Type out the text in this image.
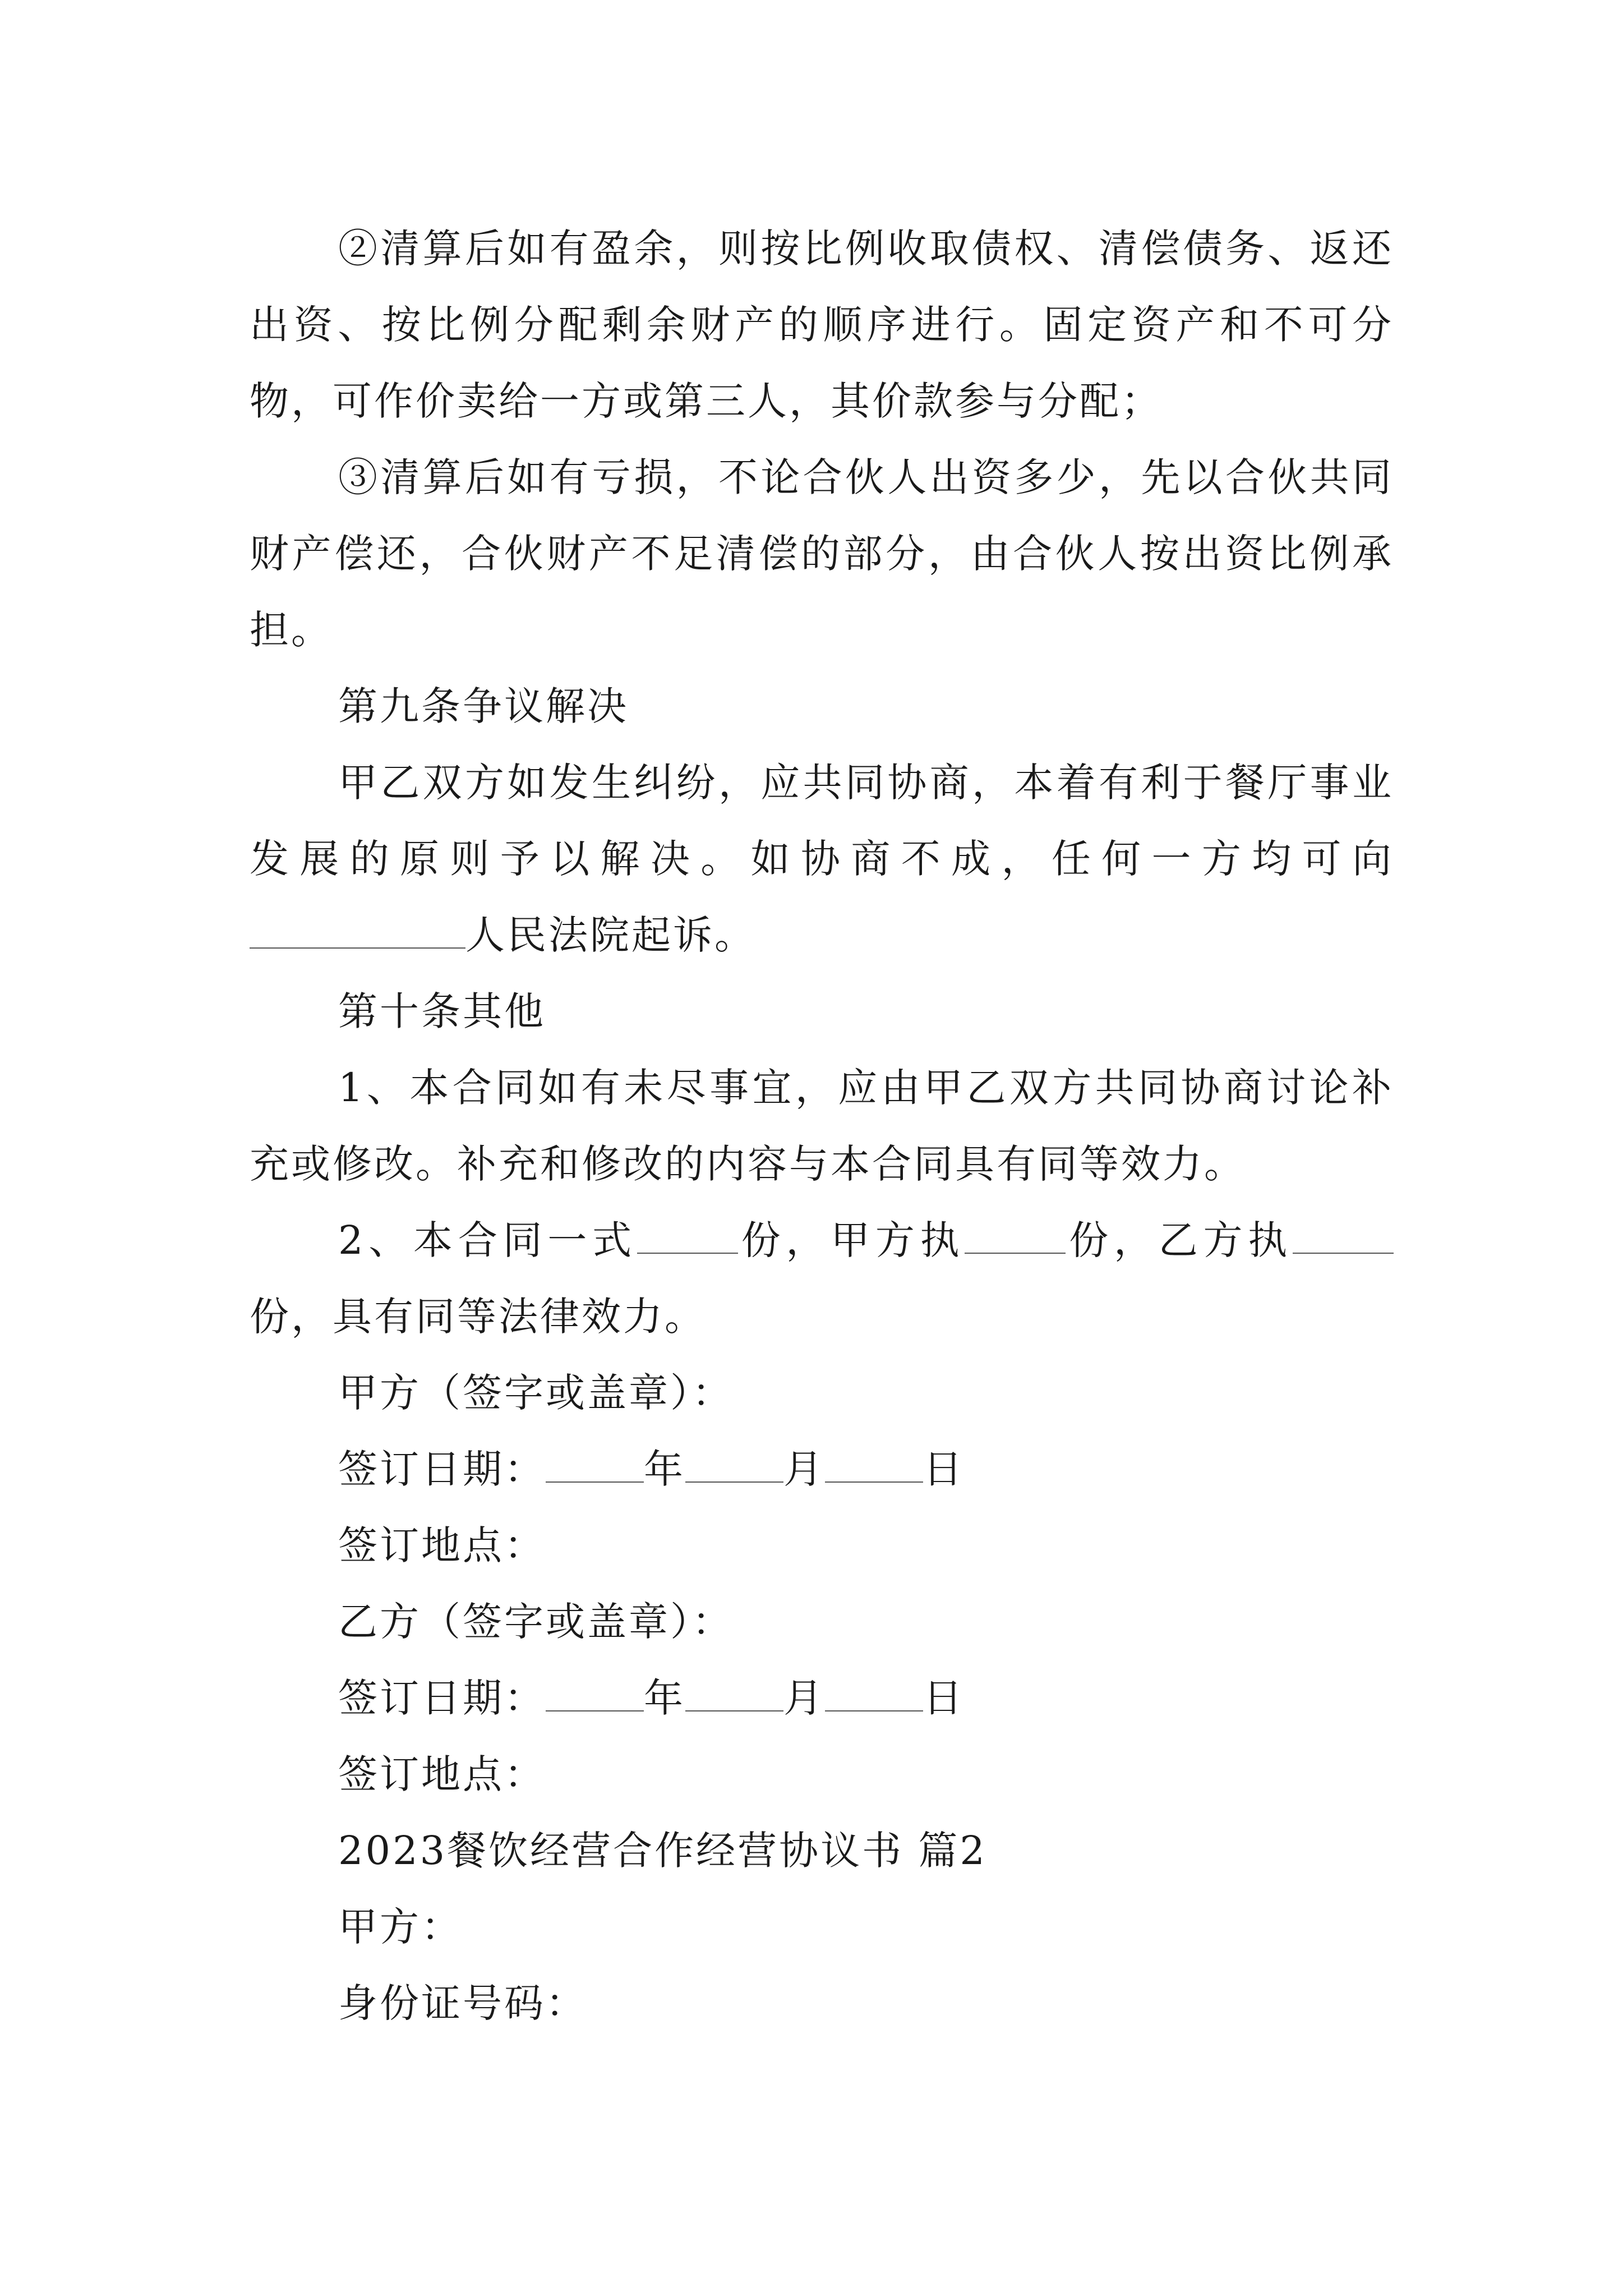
②清算后如有盈余，则按比例收取债权、清偿债务、返还出资、按比例分配剩余财产的顺序进行。固定资产和不可分物，可作价卖给一方或第三人，其价款参与分配；

③清算后如有亏损，不论合伙人出资多少，先以合伙共同财产偿还，合伙财产不足清偿的部分，由合伙人按出资比例承担。

第九条争议解决

甲乙双方如发生纠纷，应共同协商，本着有利于餐厅事业发展的原则予以解决。如协商不成，任何一方均可向人民法院起诉。

第十条其他

1、本合同如有未尽事宜，应由甲乙双方共同协商讨论补充或修改。补充和修改的内容与本合同具有同等效力。

2、本合同一式	份，甲方执	份，乙方执份，具有同等法律效力。

甲方（签字或盖章）：

签订日期：	年	月	日

签订地点：

乙方（签字或盖章）：

签订日期：	年	月	日

签订地点：

2023餐饮经营合作经营协议书 篇2

甲方：

身份证号码：
